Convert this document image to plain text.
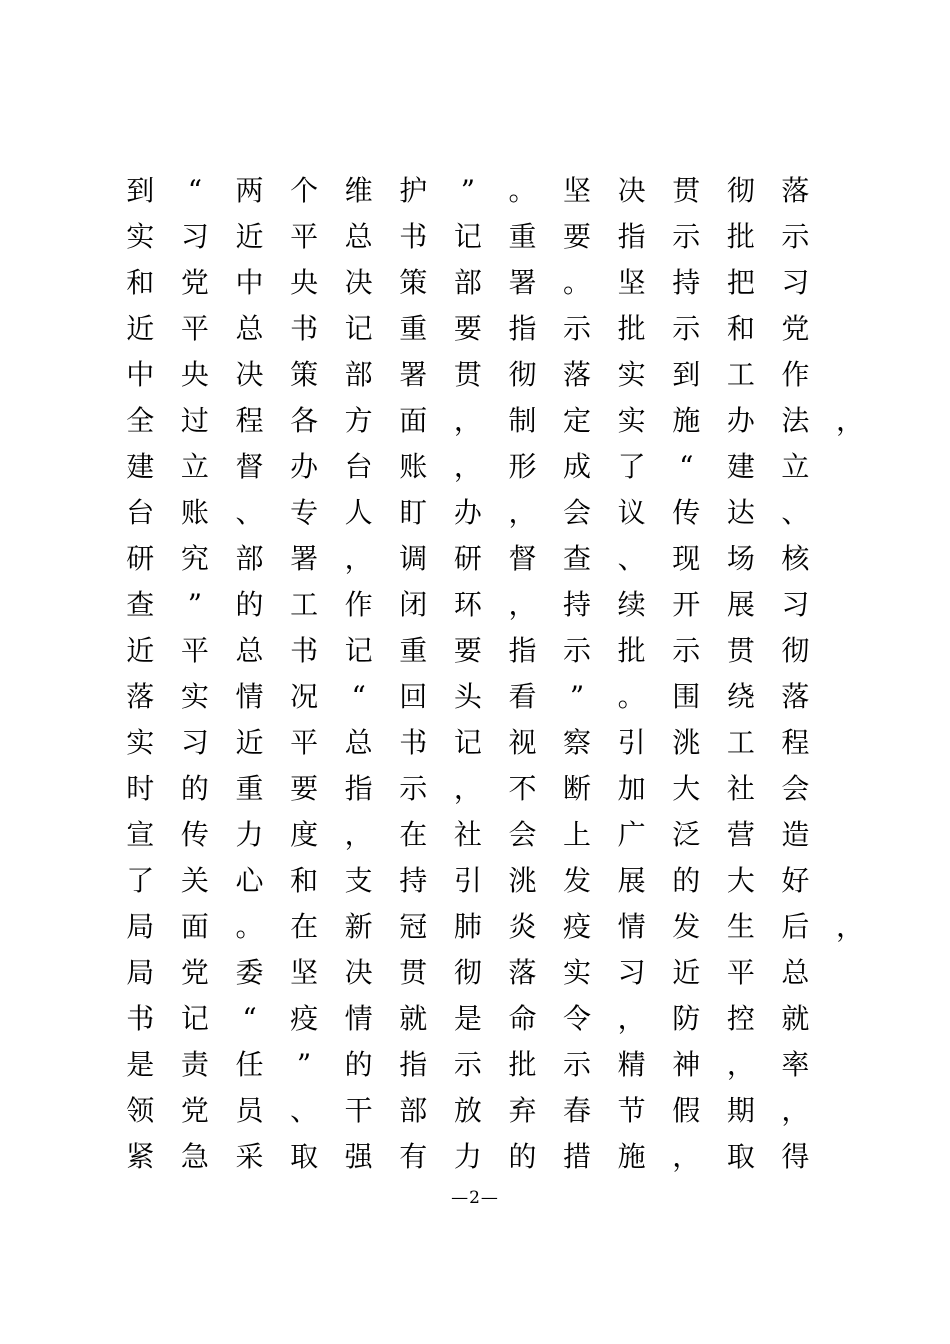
到	“	两 个 维 护	”	。 坚 决 贯 彻 落
实 习 近 平 总 书 记 重 要 指 示 批 示
和 党 中 央 决 策 部 署 。 坚 持 把 习
近 平 总 书 记 重 要 指 示 批 示 和 党
中 央 决 策 部 署 贯 彻 落 实 到 工 作
全 过 程 各 方 面 ， 制 定 实 施 办 法 ，
建 立 督 办 台 账 ， 形 成 了	“	建 立
台 账 、 专 人 盯 办 ， 会 议 传 达 、
研 究 部 署 ， 调 研 督 查 、 现 场 核
查	”	的 工 作 闭 环 ， 持 续 开 展 习
近 平 总 书 记 重 要 指 示 批 示 贯 彻
落 实 情 况	“	回 头 看	”	。 围 绕 落
实 习 近 平 总 书 记 视 察 引 洮 工 程
时 的 重 要 指 示 ， 不 断 加 大 社 会
宣 传 力 度 ， 在 社 会 上 广 泛 营 造
了 关 心 和 支 持 引 洮 发 展 的 大 好
局 面 。 在 新 冠 肺 炎 疫 情 发 生 后 ，
局 党 委 坚 决 贯 彻 落 实 习 近 平 总
书 记	“	疫 情 就 是 命 令 ， 防 控 就
是 责 任	”	的 指 示 批 示 精 神 ， 率
领 党 员 、 干 部 放 弃 春 节 假 期 ，
紧 急 采 取 强 有 力 的 措 施 ， 取 得
—2—
